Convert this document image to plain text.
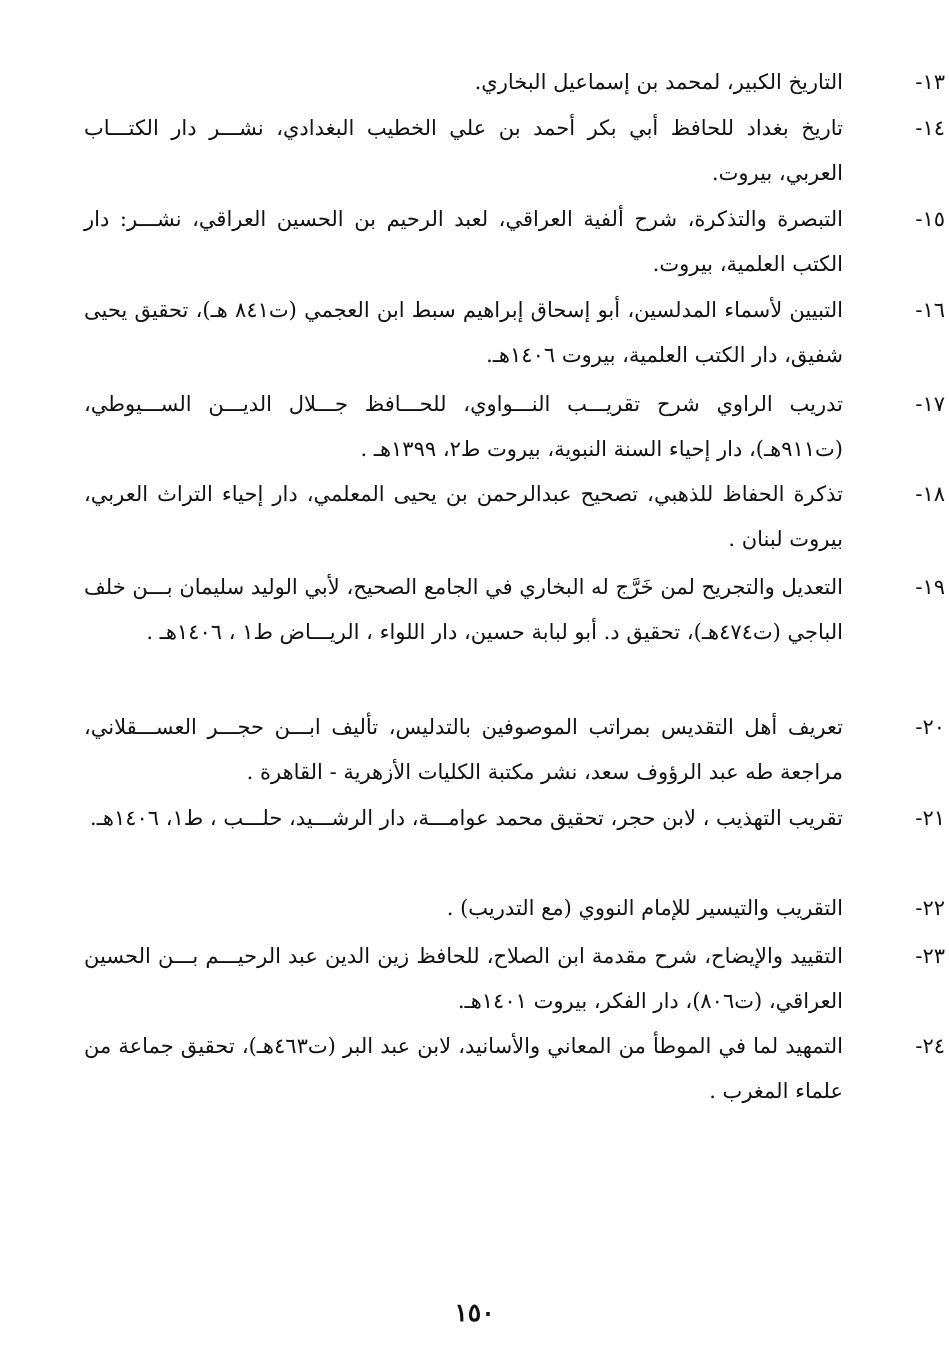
١٣-
التاريخ الكبير، لمحمد بن إسماعيل البخاري.
١٤-
تاريخ بغداد للحافظ أبي بكر أحمد بن علي الخطيب البغدادي، نشـــر دار الكتـــاب العربي، بيروت.
١٥-
التبصرة والتذكرة، شرح ألفية العراقي، لعبد الرحيم بن الحسين العراقي، نشـــر: دار الكتب العلمية، بيروت.
١٦-
التبيين لأسماء المدلسين، أبو إسحاق إبراهيم سبط ابن العجمي (ت٨٤١ هـ)، تحقيق يحيى شفيق، دار الكتب العلمية، بيروت ١٤٠٦هـ.
١٧-
تدريب الراوي شرح تقريـــب النـــواوي، للحـــافظ جـــلال الديـــن الســـيوطي، (ت٩١١هـ)، دار إحياء السنة النبوية، بيروت ط٢، ١٣٩٩هـ .
١٨-
تذكرة الحفاظ للذهبي، تصحيح عبدالرحمن بن يحيى المعلمي، دار إحياء التراث العربي، بيروت لبنان .
١٩-
التعديل والتجريح لمن خَرَّج له البخاري في الجامع الصحيح، لأبي الوليد سليمان بـــن خلف الباجي (ت٤٧٤هـ)، تحقيق د. أبو لبابة حسين، دار اللواء ، الريـــاض ط١ ، ١٤٠٦هـ .
٢٠-
تعريف أهل التقديس بمراتب الموصوفين بالتدليس، تأليف ابـــن حجـــر العســـقلاني، مراجعة طه عبد الرؤوف سعد، نشر مكتبة الكليات الأزهرية - القاهرة .
٢١-
تقريب التهذيب ، لابن حجر، تحقيق محمد عوامـــة، دار الرشـــيد، حلـــب ، ط١، ١٤٠٦هـ.
٢٢-
التقريب والتيسير للإمام النووي (مع التدريب) .
٢٣-
التقييد والإيضاح، شرح مقدمة ابن الصلاح، للحافظ زين الدين عبد الرحيـــم بـــن الحسين العراقي، (ت٨٠٦)، دار الفكر، بيروت ١٤٠١هـ.
٢٤-
التمهيد لما في الموطأ من المعاني والأسانيد، لابن عبد البر (ت٤٦٣هـ)، تحقيق جماعة من علماء المغرب .
١٥٠
